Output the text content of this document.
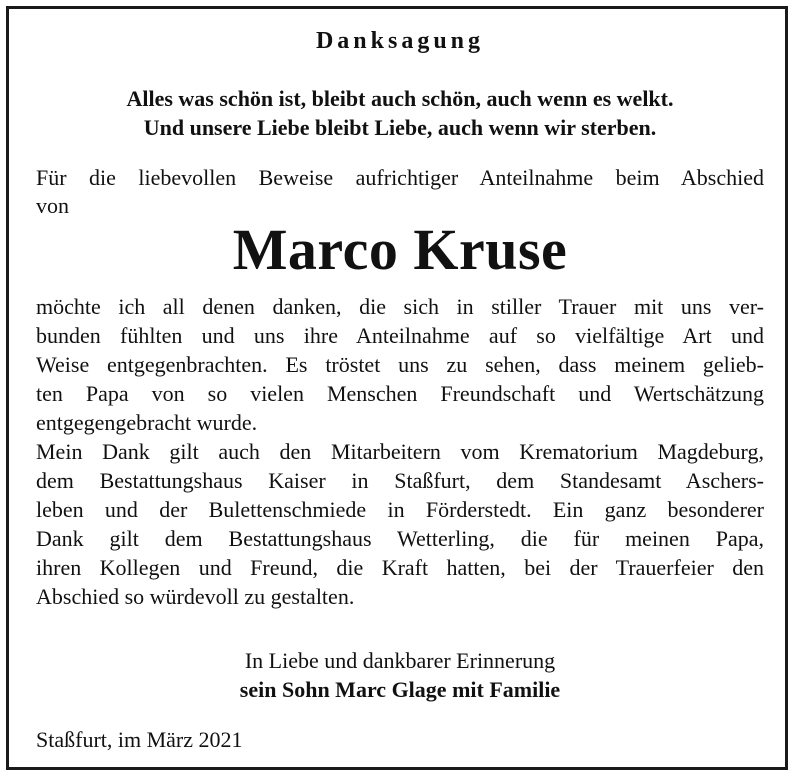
Danksagung
Alles was schön ist, bleibt auch schön, auch wenn es welkt.
Und unsere Liebe bleibt Liebe, auch wenn wir sterben.
Für die liebevollen Beweise aufrichtiger Anteilnahme beim Abschied
von
Marco Kruse
möchte ich all denen danken, die sich in stiller Trauer mit uns ver-
bunden fühlten und uns ihre Anteilnahme auf so vielfältige Art und
Weise entgegenbrachten. Es tröstet uns zu sehen, dass meinem gelieb-
ten Papa von so vielen Menschen Freundschaft und Wertschätzung
entgegengebracht wurde.
Mein Dank gilt auch den Mitarbeitern vom Krematorium Magdeburg,
dem Bestattungshaus Kaiser in Staßfurt, dem Standesamt Aschers-
leben und der Bulettenschmiede in Förderstedt. Ein ganz besonderer
Dank gilt dem Bestattungshaus Wetterling, die für meinen Papa,
ihren Kollegen und Freund, die Kraft hatten, bei der Trauerfeier den
Abschied so würdevoll zu gestalten.
In Liebe und dankbarer Erinnerung
sein Sohn Marc Glage mit Familie
Staßfurt, im März 2021
